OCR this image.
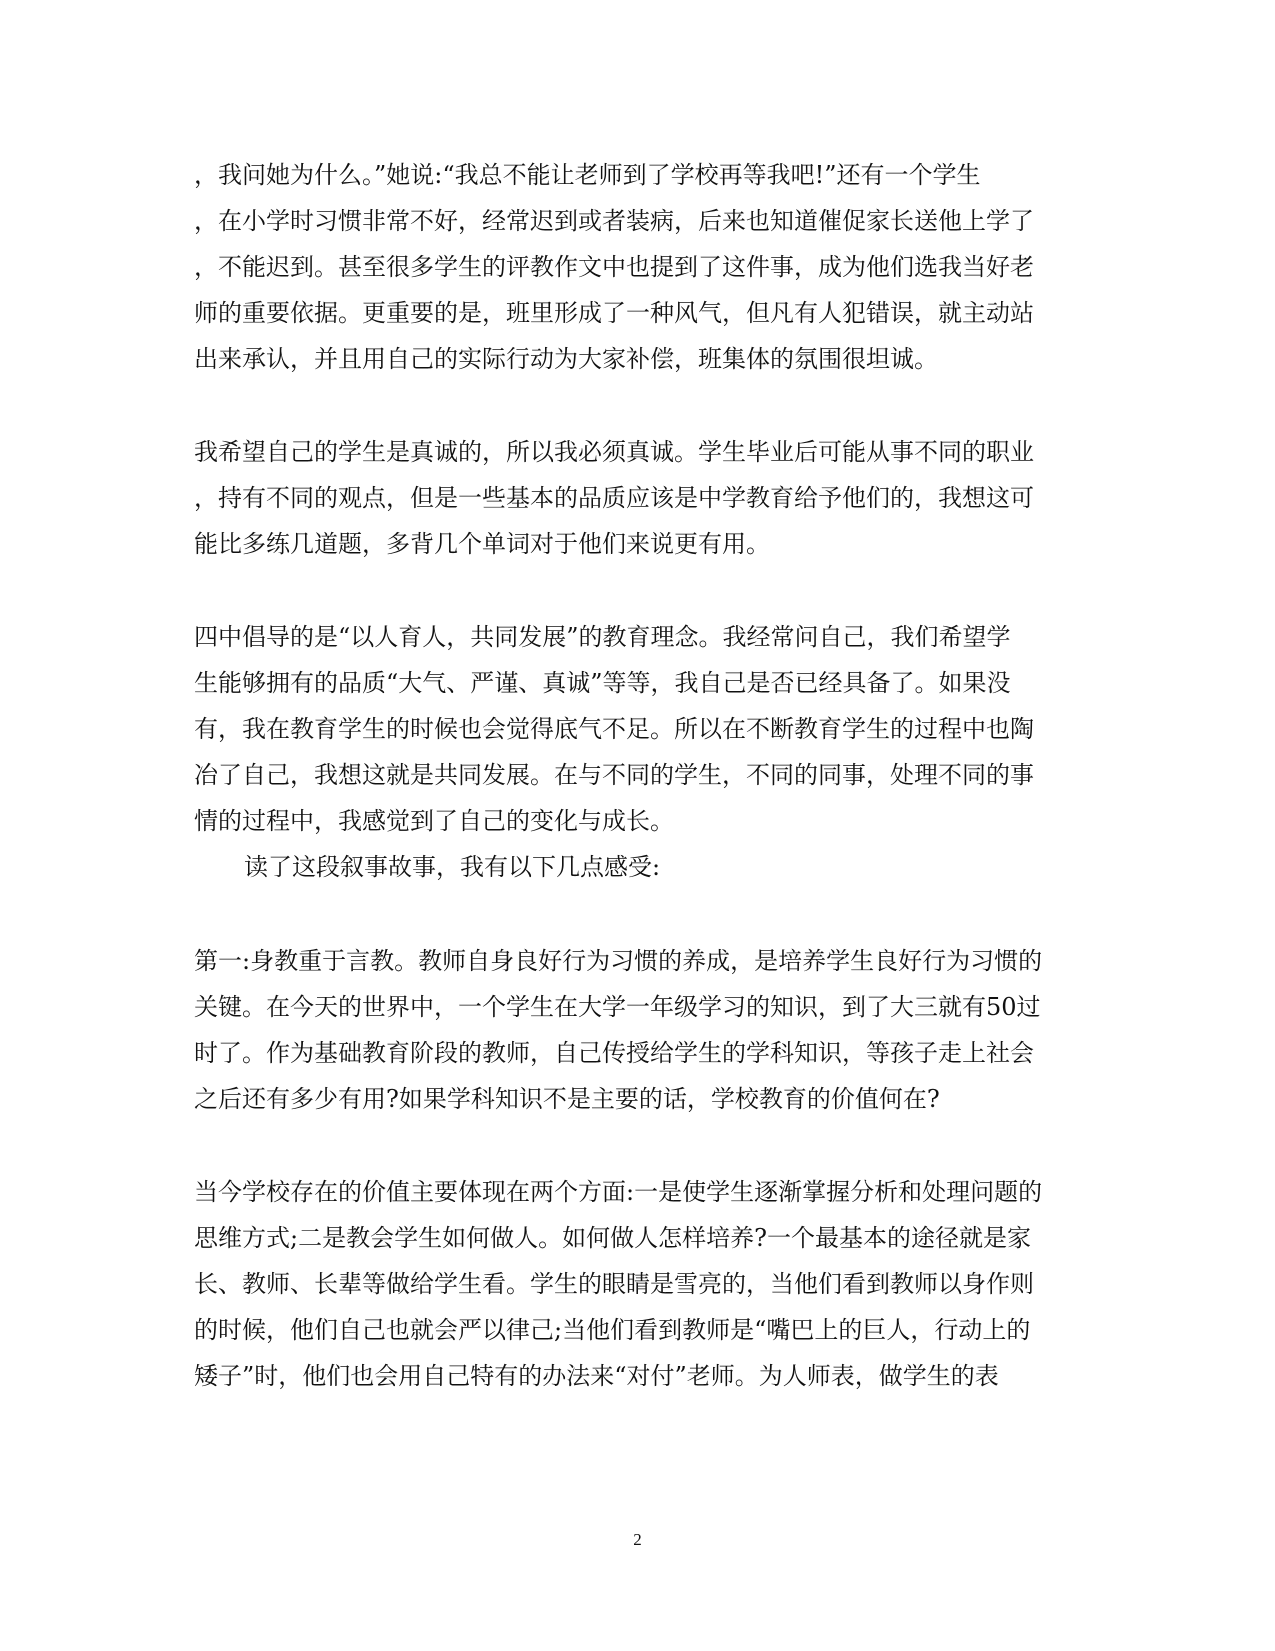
，我问她为什么。”她说:“我总不能让老师到了学校再等我吧!”还有一个学生

，在小学时习惯非常不好，经常迟到或者装病，后来也知道催促家长送他上学了

，不能迟到。甚至很多学生的评教作文中也提到了这件事，成为他们选我当好老

师的重要依据。更重要的是，班里形成了一种风气，但凡有人犯错误，就主动站

出来承认，并且用自己的实际行动为大家补偿，班集体的氛围很坦诚。

我希望自己的学生是真诚的，所以我必须真诚。学生毕业后可能从事不同的职业

，持有不同的观点，但是一些基本的品质应该是中学教育给予他们的，我想这可

能比多练几道题，多背几个单词对于他们来说更有用。

四中倡导的是“以人育人，共同发展”的教育理念。我经常问自己，我们希望学

生能够拥有的品质“大气、严谨、真诚”等等，我自己是否已经具备了。如果没

有，我在教育学生的时候也会觉得底气不足。所以在不断教育学生的过程中也陶

冶了自己，我想这就是共同发展。在与不同的学生，不同的同事，处理不同的事

情的过程中，我感觉到了自己的变化与成长。

读了这段叙事故事，我有以下几点感受:

第一:身教重于言教。教师自身良好行为习惯的养成，是培养学生良好行为习惯的

关键。在今天的世界中，一个学生在大学一年级学习的知识，到了大三就有50过

时了。作为基础教育阶段的教师，自己传授给学生的学科知识，等孩子走上社会

之后还有多少有用?如果学科知识不是主要的话，学校教育的价值何在?

当今学校存在的价值主要体现在两个方面:一是使学生逐渐掌握分析和处理问题的

思维方式;二是教会学生如何做人。如何做人怎样培养?一个最基本的途径就是家

长、教师、长辈等做给学生看。学生的眼睛是雪亮的，当他们看到教师以身作则

的时候，他们自己也就会严以律己;当他们看到教师是“嘴巴上的巨人，行动上的

矮子”时，他们也会用自己特有的办法来“对付”老师。为人师表，做学生的表

2
